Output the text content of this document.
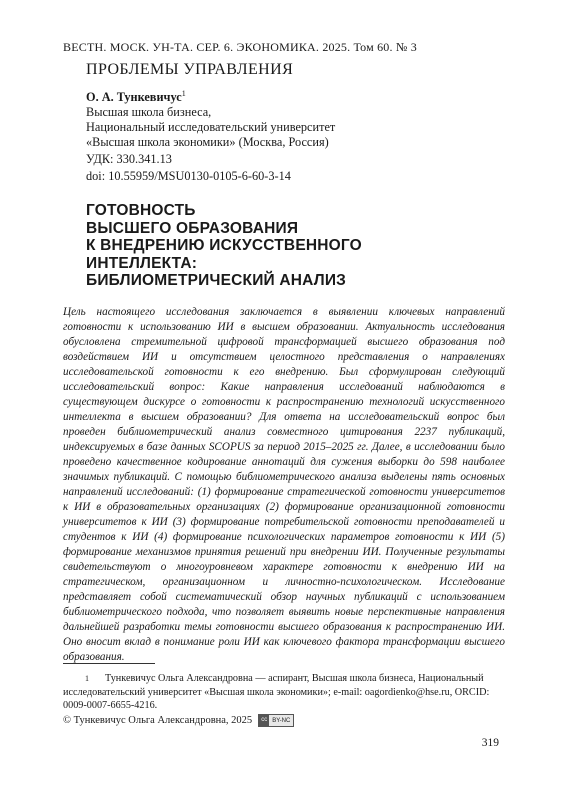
ВЕСТН. МОСК. УН-ТА. СЕР. 6. ЭКОНОМИКА. 2025. Том 60. № 3
ПРОБЛЕМЫ УПРАВЛЕНИЯ
О. А. Тункевичус$^1$
Высшая школа бизнеса,
Национальный исследовательский университет
«Высшая школа экономики» (Москва, Россия)
УДК: 330.341.13
doi: 10.55959/MSU0130-0105-6-60-3-14
ГОТОВНОСТЬ
ВЫСШЕГО ОБРАЗОВАНИЯ
К ВНЕДРЕНИЮ ИСКУССТВЕННОГО
ИНТЕЛЛЕКТА:
БИБЛИОМЕТРИЧЕСКИЙ АНАЛИЗ

Цель настоящего исследования заключается в выявлении ключевых направлений готовности к использованию ИИ в высшем образовании. Актуальность исследования обусловлена стремительной цифровой трансформацией высшего образования под воздействием ИИ и отсутствием целостного представления о направлениях исследовательской готовности к его внедрению. Был сформулирован следующий исследовательский вопрос: Какие направления исследований наблюдаются в существующем дискурсе о готовности к распространению технологий искусственного интеллекта в высшем образовании? Для ответа на исследовательский вопрос был проведен библиометрический анализ совместного цитирования 2237 публикаций, индексируемых в базе данных SCOPUS за период 2015–2025 гг. Далее, в исследовании было проведено качественное кодирование аннотаций для сужения выборки до 598 наиболее значимых публикаций. С помощью библиометрического анализа выделены пять основных направлений исследований: (1) формирование стратегической готовности университетов к ИИ в образовательных организациях (2) формирование организационной готовности университетов к ИИ (3) формирование потребительской готовности преподавателей и студентов к ИИ (4) формирование психологических параметров готовности к ИИ (5) формирование механизмов принятия решений при внедрении ИИ. Полученные результаты свидетельствуют о многоуровневом характере готовности к внедрению ИИ на стратегическом, организационном и личностно-психологическом. Исследование представляет собой систематический обзор научных публикаций с использованием библиометрического подхода, что позволяет выявить новые перспективные направления дальнейшей разработки темы готовности высшего образования к распространению ИИ. Оно вносит вклад в понимание роли ИИ как ключевого фактора трансформации высшего образования.

1 Тункевичус Ольга Александровна — аспирант, Высшая школа бизнеса, Национальный исследовательский университет «Высшая школа экономики»; e-mail: oagordienko@hse.ru, ORCID: 0009-0007-6655-4216.
© Тункевичус Ольга Александровна, 2025	cc BY-NC
319
